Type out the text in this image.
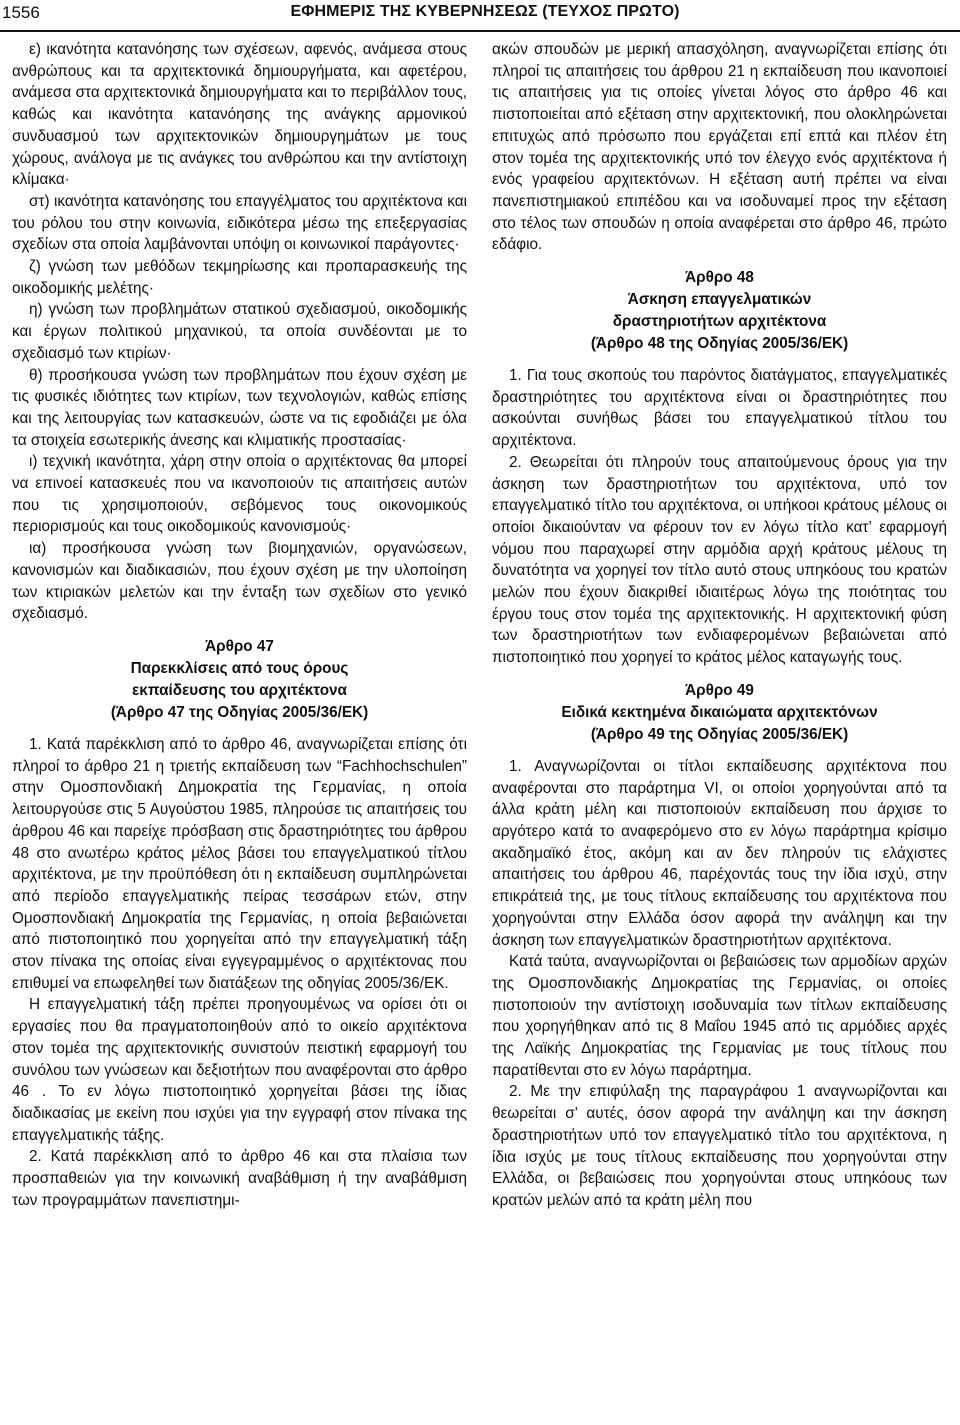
1556	ΕΦΗΜΕΡΙΣ ΤΗΣ ΚΥΒΕΡΝΗΣΕΩΣ (ΤΕΥΧΟΣ ΠΡΩΤΟ)

ε) ικανότητα κατανόησης των σχέσεων, αφενός, ανάμεσα στους ανθρώπους και τα αρχιτεκτονικά δημιουργήματα, και αφετέρου, ανάμεσα στα αρχιτεκτονικά δημιουργήματα και το περιβάλλον τους, καθώς και ικανότητα κατανόησης της ανάγκης αρμονικού συνδυασμού των αρχιτεκτονικών δημιουργημάτων με τους χώρους, ανάλογα με τις ανάγκες του ανθρώπου και την αντίστοιχη κλίμακα·

στ) ικανότητα κατανόησης του επαγγέλματος του αρχιτέκτονα και του ρόλου του στην κοινωνία, ειδικότερα μέσω της επεξεργασίας σχεδίων στα οποία λαμβάνονται υπόψη οι κοινωνικοί παράγοντες·

ζ) γνώση των μεθόδων τεκμηρίωσης και προπαρασκευής της οικοδομικής μελέτης·

η) γνώση των προβλημάτων στατικού σχεδιασμού, οικοδομικής και έργων πολιτικού μηχανικού, τα οποία συνδέονται με το σχεδιασμό των κτιρίων·

θ) προσήκουσα γνώση των προβλημάτων που έχουν σχέση με τις φυσικές ιδιότητες των κτιρίων, των τεχνολογιών, καθώς επίσης και της λειτουργίας των κατασκευών, ώστε να τις εφοδιάζει με όλα τα στοιχεία εσωτερικής άνεσης και κλιματικής προστασίας·

ι) τεχνική ικανότητα, χάρη στην οποία ο αρχιτέκτονας θα μπορεί να επινοεί κατασκευές που να ικανοποιούν τις απαιτήσεις αυτών που τις χρησιμοποιούν, σεβόμενος τους οικονομικούς περιορισμούς και τους οικοδομικούς κανονισμούς·

ια) προσήκουσα γνώση των βιομηχανιών, οργανώσεων, κανονισμών και διαδικασιών, που έχουν σχέση με την υλοποίηση των κτιριακών μελετών και την ένταξη των σχεδίων στο γενικό σχεδιασμό.

Άρθρο 47
Παρεκκλίσεις από τους όρους
εκπαίδευσης του αρχιτέκτονα
(Άρθρο 47 της Οδηγίας 2005/36/ΕΚ)

1. Κατά παρέκκλιση από το άρθρο 46, αναγνωρίζεται επίσης ότι πληροί το άρθρο 21 η τριετής εκπαίδευση των “Fachhochschulen” στην Ομοσπονδιακή Δημοκρατία της Γερμανίας, η οποία λειτουργούσε στις 5 Αυγούστου 1985, πληρούσε τις απαιτήσεις του άρθρου 46 και παρείχε πρόσβαση στις δραστηριότητες του άρθρου 48 στο ανωτέρω κράτος μέλος βάσει του επαγγελματικού τίτλου αρχιτέκτονα, με την προϋπόθεση ότι η εκπαίδευση συμπληρώνεται από περίοδο επαγγελματικής πείρας τεσσάρων ετών, στην Ομοσπονδιακή Δημοκρατία της Γερμανίας, η οποία βεβαιώνεται από πιστοποιητικό που χορηγείται από την επαγγελματική τάξη στον πίνακα της οποίας είναι εγγεγραμμένος ο αρχιτέκτονας που επιθυμεί να επωφεληθεί των διατάξεων της οδηγίας 2005/36/ΕΚ.

Η επαγγελματική τάξη πρέπει προηγουμένως να ορίσει ότι οι εργασίες που θα πραγματοποιηθούν από το οικείο αρχιτέκτονα στον τομέα της αρχιτεκτονικής συνιστούν πειστική εφαρμογή του συνόλου των γνώσεων και δεξιοτήτων που αναφέρονται στο άρθρο 46 . Το εν λόγω πιστοποιητικό χορηγείται βάσει της ίδιας διαδικασίας με εκείνη που ισχύει για την εγγραφή στον πίνακα της επαγγελματικής τάξης.

2. Κατά παρέκκλιση από το άρθρο 46 και στα πλαίσια των προσπαθειών για την κοινωνική αναβάθμιση ή την αναβάθμιση των προγραμμάτων πανεπιστημι-

ακών σπουδών με μερική απασχόληση, αναγνωρίζεται επίσης ότι πληροί τις απαιτήσεις του άρθρου 21 η εκπαίδευση που ικανοποιεί τις απαιτήσεις για τις οποίες γίνεται λόγος στο άρθρο 46 και πιστοποιείται από εξέταση στην αρχιτεκτονική, που ολοκληρώνεται επιτυχώς από πρόσωπο που εργάζεται επί επτά και πλέον έτη στον τομέα της αρχιτεκτονικής υπό τον έλεγχο ενός αρχιτέκτονα ή ενός γραφείου αρχιτεκτόνων. Η εξέταση αυτή πρέπει να είναι πανεπιστημιακού επιπέδου και να ισοδυναμεί προς την εξέταση στο τέλος των σπουδών η οποία αναφέρεται στο άρθρο 46, πρώτο εδάφιο.

Άρθρο 48
Άσκηση επαγγελματικών
δραστηριοτήτων αρχιτέκτονα
(Άρθρο 48 της Οδηγίας 2005/36/ΕΚ)

1. Για τους σκοπούς του παρόντος διατάγματος, επαγγελματικές δραστηριότητες του αρχιτέκτονα είναι οι δραστηριότητες που ασκούνται συνήθως βάσει του επαγγελματικού τίτλου του αρχιτέκτονα.

2. Θεωρείται ότι πληρούν τους απαιτούμενους όρους για την άσκηση των δραστηριοτήτων του αρχιτέκτονα, υπό τον επαγγελματικό τίτλο του αρχιτέκτονα, οι υπήκοοι κράτους μέλους οι οποίοι δικαιούνταν να φέρουν τον εν λόγω τίτλο κατ’ εφαρμογή νόμου που παραχωρεί στην αρμόδια αρχή κράτους μέλους τη δυνατότητα να χορηγεί τον τίτλο αυτό στους υπηκόους του κρατών μελών που έχουν διακριθεί ιδιαιτέρως λόγω της ποιότητας του έργου τους στον τομέα της αρχιτεκτονικής. Η αρχιτεκτονική φύση των δραστηριοτήτων των ενδιαφερομένων βεβαιώνεται από πιστοποιητικό που χορηγεί το κράτος μέλος καταγωγής τους.

Άρθρο 49
Ειδικά κεκτημένα δικαιώματα αρχιτεκτόνων
(Άρθρο 49 της Οδηγίας 2005/36/ΕΚ)

1. Αναγνωρίζονται οι τίτλοι εκπαίδευσης αρχιτέκτονα που αναφέρονται στο παράρτημα VI, οι οποίοι χορηγούνται από τα άλλα κράτη μέλη και πιστοποιούν εκπαίδευση που άρχισε το αργότερο κατά το αναφερόμενο στο εν λόγω παράρτημα κρίσιμο ακαδημαϊκό έτος, ακόμη και αν δεν πληρούν τις ελάχιστες απαιτήσεις του άρθρου 46, παρέχοντάς τους την ίδια ισχύ, στην επικράτειά της, με τους τίτλους εκπαίδευσης του αρχιτέκτονα που χορηγούνται στην Ελλάδα όσον αφορά την ανάληψη και την άσκηση των επαγγελματικών δραστηριοτήτων αρχιτέκτονα.

Κατά ταύτα, αναγνωρίζονται οι βεβαιώσεις των αρμοδίων αρχών της Ομοσπονδιακής Δημοκρατίας της Γερμανίας, οι οποίες πιστοποιούν την αντίστοιχη ισοδυναμία των τίτλων εκπαίδευσης που χορηγήθηκαν από τις 8 Μαΐου 1945 από τις αρμόδιες αρχές της Λαϊκής Δημοκρατίας της Γερμανίας με τους τίτλους που παρατίθενται στο εν λόγω παράρτημα.

2. Με την επιφύλαξη της παραγράφου 1 αναγνωρίζονται και θεωρείται σ’ αυτές, όσον αφορά την ανάληψη και την άσκηση δραστηριοτήτων υπό τον επαγγελματικό τίτλο του αρχιτέκτονα, η ίδια ισχύς με τους τίτλους εκπαίδευσης που χορηγούνται στην Ελλάδα, οι βεβαιώσεις που χορηγούνται στους υπηκόους των κρατών μελών από τα κράτη μέλη που
